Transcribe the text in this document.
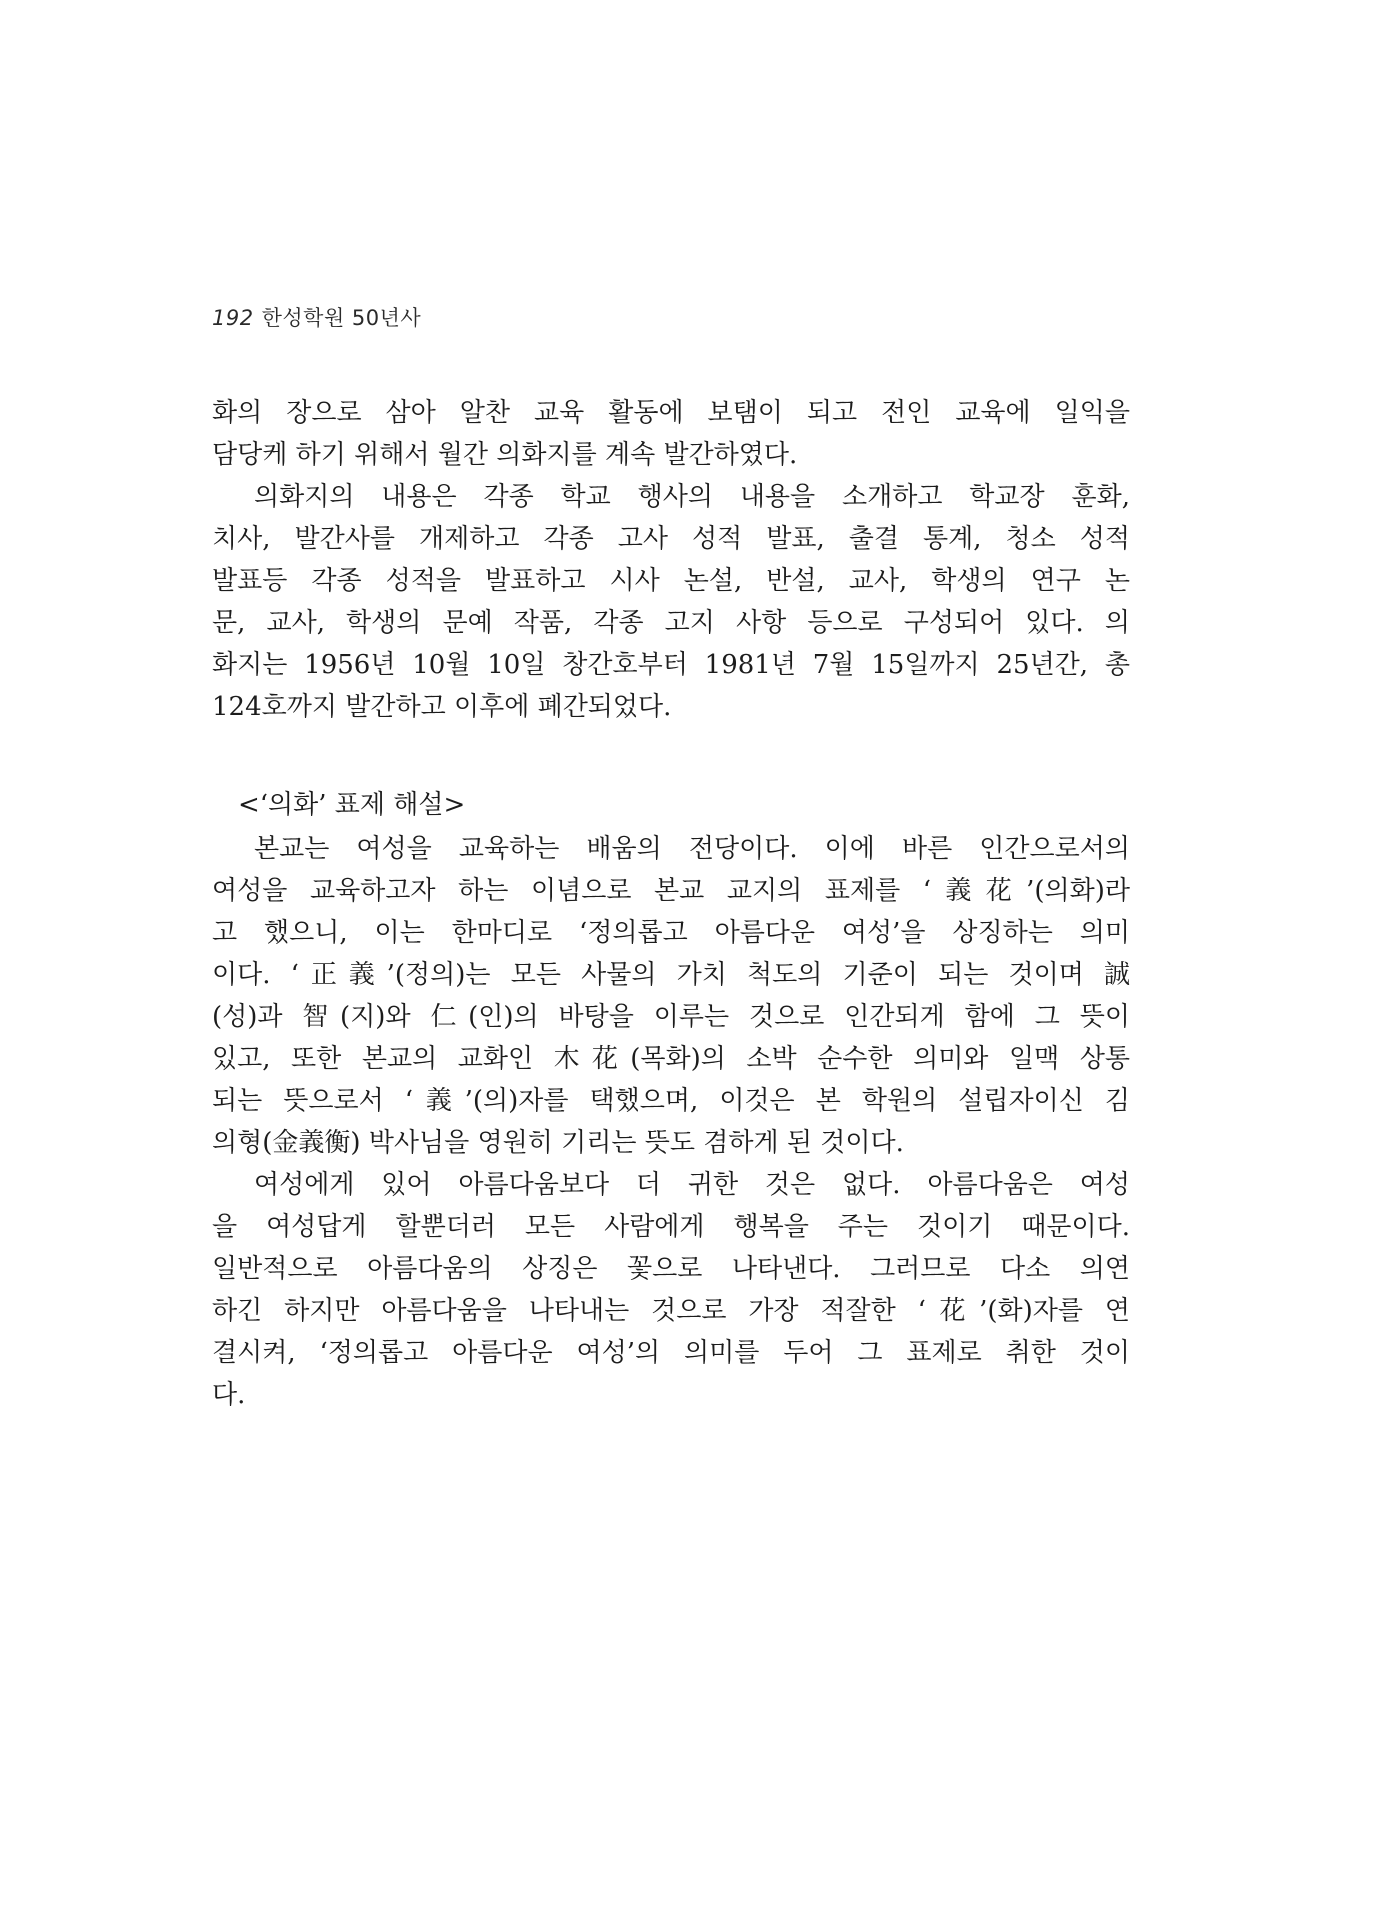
192 한성학원 50년사
화의 장으로 삼아 알찬 교육 활동에 보탬이 되고 전인 교육에 일익을
담당케 하기 위해서 월간 의화지를 계속 발간하였다.
의화지의 내용은 각종 학교 행사의 내용을 소개하고 학교장 훈화,
치사, 발간사를 개제하고 각종 고사 성적 발표, 출결 통계, 청소 성적
발표등 각종 성적을 발표하고 시사 논설, 반설, 교사, 학생의 연구 논
문, 교사, 학생의 문예 작품, 각종 고지 사항 등으로 구성되어 있다. 의
화지는 1956년 10월 10일 창간호부터 1981년 7월 15일까지 25년간, 총
124호까지 발간하고 이후에 폐간되었다.
<‘의화’ 표제 해설>
본교는 여성을 교육하는 배움의 전당이다. 이에 바른 인간으로서의
여성을 교육하고자 하는 이념으로 본교 교지의 표제를 ‘義花’(의화)라
고 했으니, 이는 한마디로 ‘정의롭고 아름다운 여성’을 상징하는 의미
이다. ‘正義’(정의)는 모든 사물의 가치 척도의 기준이 되는 것이며 誠
(성)과 智(지)와 仁(인)의 바탕을 이루는 것으로 인간되게 함에 그 뜻이
있고, 또한 본교의 교화인 木花(목화)의 소박 순수한 의미와 일맥 상통
되는 뜻으로서 ‘義’(의)자를 택했으며, 이것은 본 학원의 설립자이신 김
의형(金義衡) 박사님을 영원히 기리는 뜻도 겸하게 된 것이다.
여성에게 있어 아름다움보다 더 귀한 것은 없다. 아름다움은 여성
을 여성답게 할뿐더러 모든 사람에게 행복을 주는 것이기 때문이다.
일반적으로 아름다움의 상징은 꽃으로 나타낸다. 그러므로 다소 의연
하긴 하지만 아름다움을 나타내는 것으로 가장 적잘한 ‘花’(화)자를 연
결시켜, ‘정의롭고 아름다운 여성’의 의미를 두어 그 표제로 취한 것이
다.
